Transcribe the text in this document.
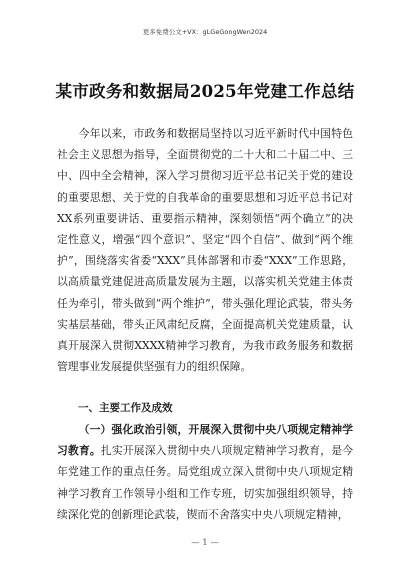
更多免费公文+VX：gLGeGongWen2024
某市政务和数据局2025年党建工作总结
今年以来，市政务和数据局坚持以习近平新时代中国特色社会主义思想为指导，全面贯彻党的二十大和二十届二中、三中、四中全会精神，深入学习贯彻习近平总书记关于党的建设的重要思想、关于党的自我革命的重要思想和习近平总书记对XX系列重要讲话、重要指示精神，深刻领悟“两个确立”的决定性意义，增强“四个意识”、坚定“四个自信”、做到“两个维护”，围绕落实省委“XXX”具体部署和市委“XXX”工作思路，以高质量党建促进高质量发展为主题，以落实机关党建主体责任为牵引，带头做到“两个维护”，带头强化理论武装，带头务实基层基础，带头正风肃纪反腐，全面提高机关党建质量，认真开展深入贯彻XXXX精神学习教育，为我市政务服务和数据管理事业发展提供坚强有力的组织保障。
一、主要工作及成效
（一）强化政治引领，开展深入贯彻中央八项规定精神学习教育。扎实开展深入贯彻中央八项规定精神学习教育，是今年党建工作的重点任务。局党组成立深入贯彻中央八项规定精神学习教育工作领导小组和工作专班，切实加强组织领导，持续深化党的创新理论武装，锲而不舍落实中央八项规定精神，
— 1 —
